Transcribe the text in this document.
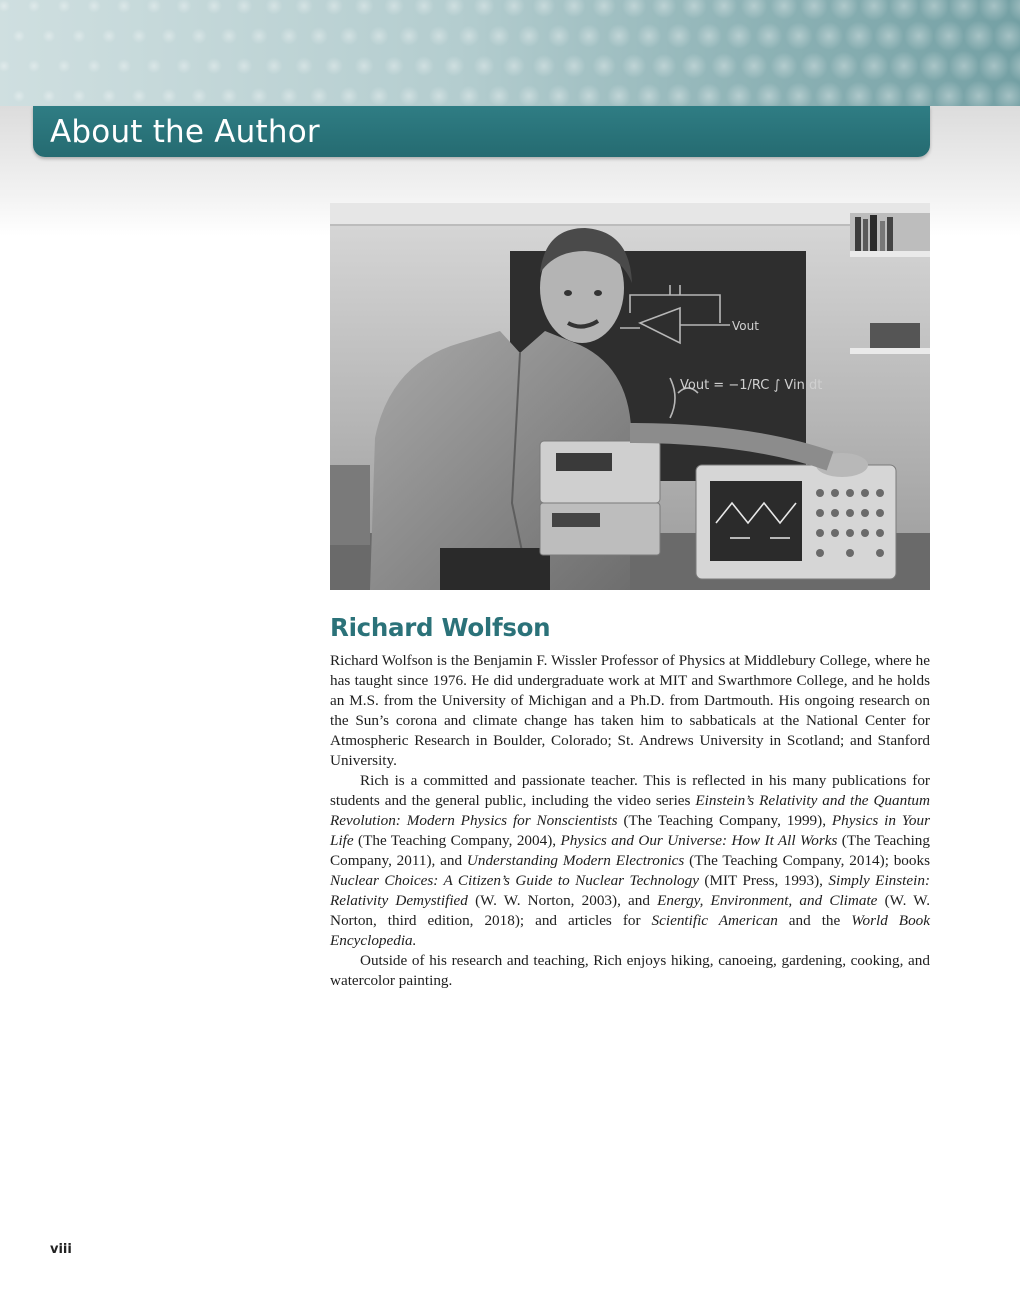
About the Author
Vout
Vout = −1/RC ∫ Vin dt
Richard Wolfson

Richard Wolfson is the Benjamin F. Wissler Professor of Physics at Middlebury College, where he has taught since 1976. He did undergraduate work at MIT and Swarthmore College, and he holds an M.S. from the University of Michigan and a Ph.D. from Dartmouth. His ongoing research on the Sun’s corona and climate change has taken him to sabbaticals at the National Center for Atmospheric Research in Boulder, Colorado; St. Andrews University in Scotland; and Stanford University.

Rich is a committed and passionate teacher. This is reflected in his many publications for students and the general public, including the video series Einstein’s Relativity and the Quantum Revolution: Modern Physics for Nonscientists (The Teaching Company, 1999), Physics in Your Life (The Teaching Company, 2004), Physics and Our Universe: How It All Works (The Teaching Company, 2011), and Understanding Modern Electronics (The Teaching Company, 2014); books Nuclear Choices: A Citizen’s Guide to Nuclear Technology (MIT Press, 1993), Simply Einstein: Relativity Demystified (W. W. Norton, 2003), and Energy, Environment, and Climate (W. W. Norton, third edition, 2018); and articles for Scientific American and the World Book Encyclopedia.

Outside of his research and teaching, Rich enjoys hiking, canoeing, gardening, cooking, and watercolor painting.

viii
